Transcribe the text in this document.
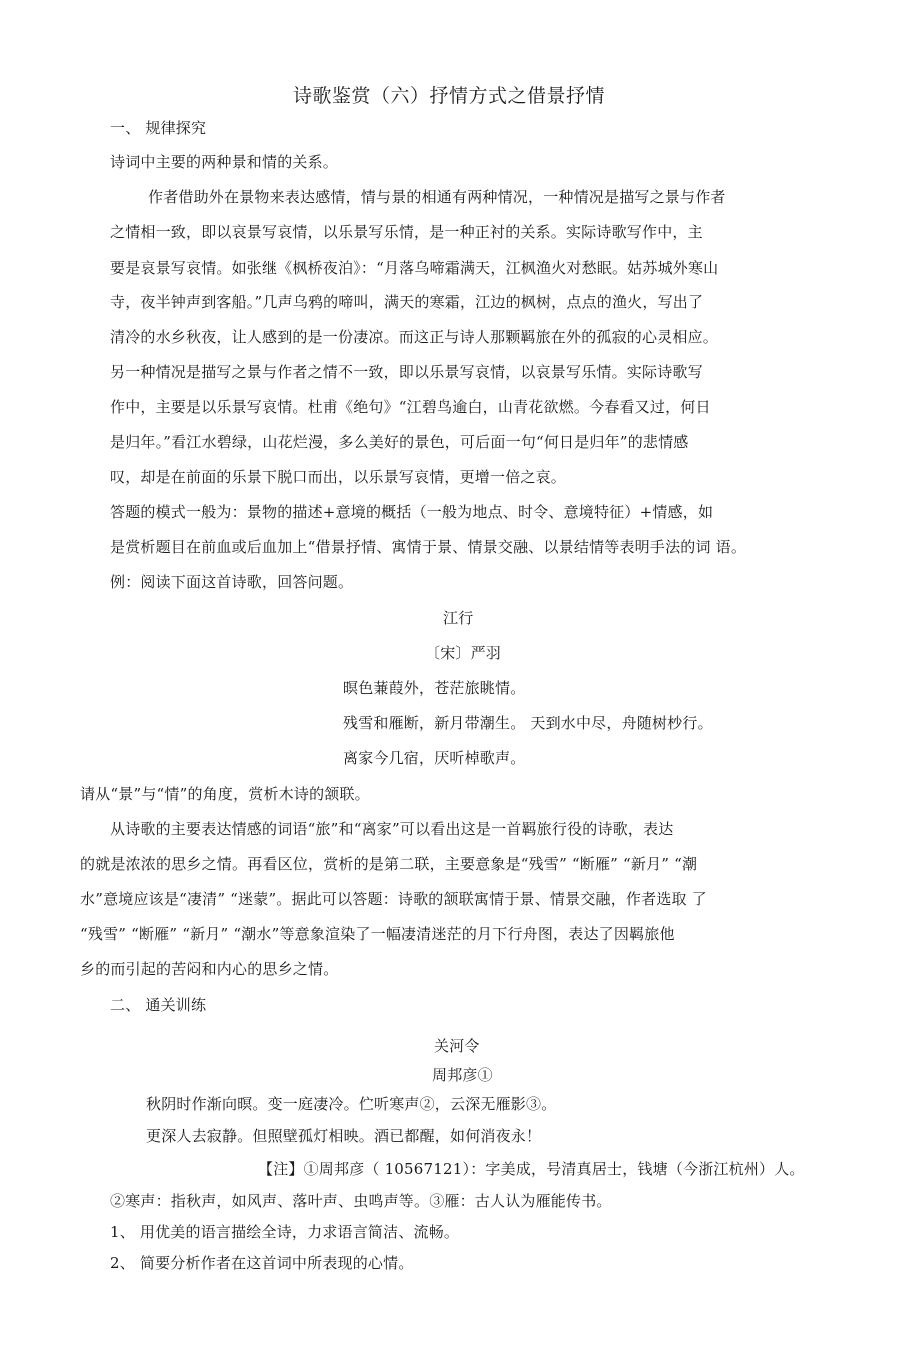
诗歌鉴赏（六）抒情方式之借景抒情
一、 规律探究
诗词中主要的两种景和情的关系。
作者借助外在景物来表达感情，情与景的相通有两种情况，一种情况是描写之景与作者
之情相一致，即以哀景写哀情，以乐景写乐情，是一种正衬的关系。实际诗歌写作中，主
要是哀景写哀情。如张继《枫桥夜泊》：“月落乌啼霜满天，江枫渔火对愁眠。姑苏城外寒山
寺，夜半钟声到客船。”几声乌鸦的啼叫，满天的寒霜，江边的枫树，点点的渔火，写出了
清冷的水乡秋夜，让人感到的是一份凄凉。而这正与诗人那颗羁旅在外的孤寂的心灵相应。
另一种情况是描写之景与作者之情不一致，即以乐景写哀情，以哀景写乐情。实际诗歌写
作中，主要是以乐景写哀情。杜甫《绝句》“江碧鸟逾白，山青花欲燃。今春看又过，何日
是归年。”看江水碧绿，山花烂漫，多么美好的景色，可后面一句“何日是归年”的悲情感
叹，却是在前面的乐景下脱口而出，以乐景写哀情，更增一倍之哀。
答题的模式一般为：景物的描述+意境的概括（一般为地点、时令、意境特征）+情感，如
是赏析题目在前血或后血加上“借景抒情、寓情于景、情景交融、以景结情等表明手法的词 语。
例：阅读下面这首诗歌，回答问题。
江行
〔宋〕严羽
暝色蒹葭外，苍茫旅眺情。
残雪和雁断，新月带潮生。 天到水中尽，舟随树杪行。
离家今几宿，厌听棹歌声。
请从“景”与“情”的角度，赏析木诗的颔联。
从诗歌的主要表达情感的词语“旅”和“离家”可以看出这是一首羁旅行役的诗歌，表达
的就是浓浓的思乡之情。再看区位，赏析的是第二联，主要意象是“残雪” “断雁” “新月” “潮
水”意境应该是“凄清” “迷蒙”。据此可以答题：诗歌的颔联寓情于景、情景交融，作者选取 了
“残雪” “断雁” “新月” “潮水”等意象渲染了一幅凄清迷茫的月下行舟图，表达了因羁旅他
乡的而引起的苦闷和内心的思乡之情。
二、 通关训练
关河令
周邦彦①
秋阴时作渐向暝。变一庭凄冷。伫听寒声②，云深无雁影③。
更深人去寂静。但照壁孤灯相映。酒已都醒，如何消夜永！
【注】①周邦彦（ 10567121）：字美成，号清真居士，钱塘（今浙江杭州）人。
②寒声：指秋声，如风声、落叶声、虫鸣声等。③雁：古人认为雁能传书。
1、 用优美的语言描绘全诗，力求语言简洁、流畅。
2、 简要分析作者在这首词中所表现的心情。
